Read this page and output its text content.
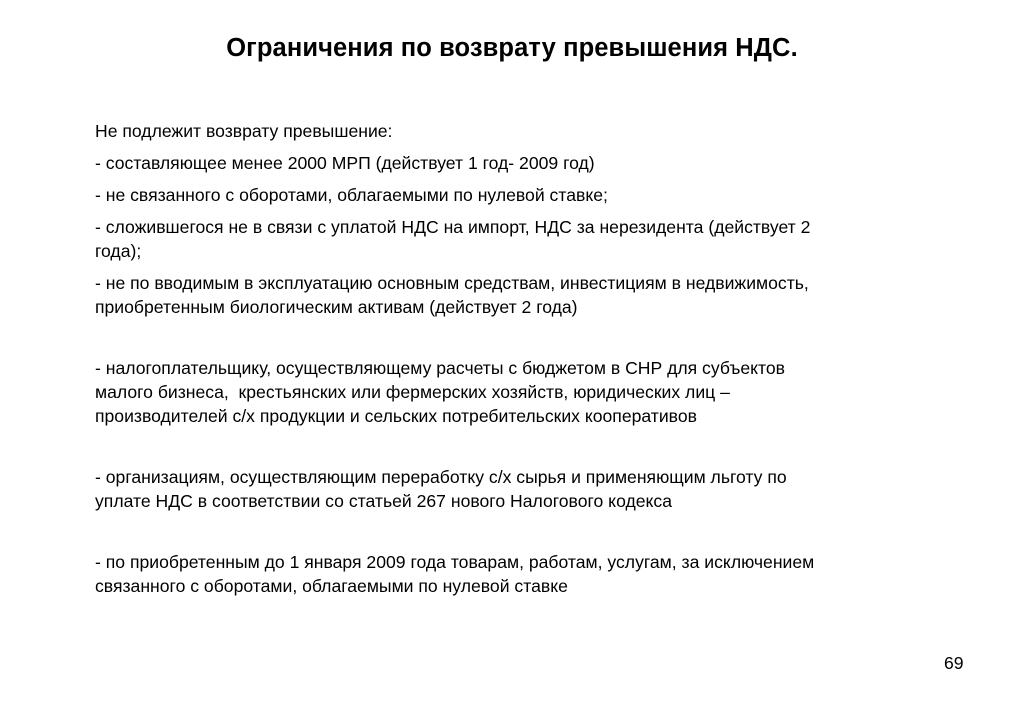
Ограничения по возврату превышения НДС.
Не подлежит возврату превышение:
- составляющее менее 2000 МРП (действует 1 год- 2009 год)
- не связанного с оборотами, облагаемыми по нулевой ставке;
- сложившегося не в связи с уплатой НДС на импорт, НДС за нерезидента (действует 2
года);
- не по вводимым в эксплуатацию основным средствам, инвестициям в недвижимость,
приобретенным биологическим активам (действует 2 года)
- налогоплательщику, осуществляющему расчеты с бюджетом в СНР для субъектов
малого бизнеса,  крестьянских или фермерских хозяйств, юридических лиц –
производителей с/х продукции и сельских потребительских кооперативов
- организациям, осуществляющим переработку с/х сырья и применяющим льготу по
уплате НДС в соответствии со статьей 267 нового Налогового кодекса
- по приобретенным до 1 января 2009 года товарам, работам, услугам, за исключением
связанного с оборотами, облагаемыми по нулевой ставке
69
